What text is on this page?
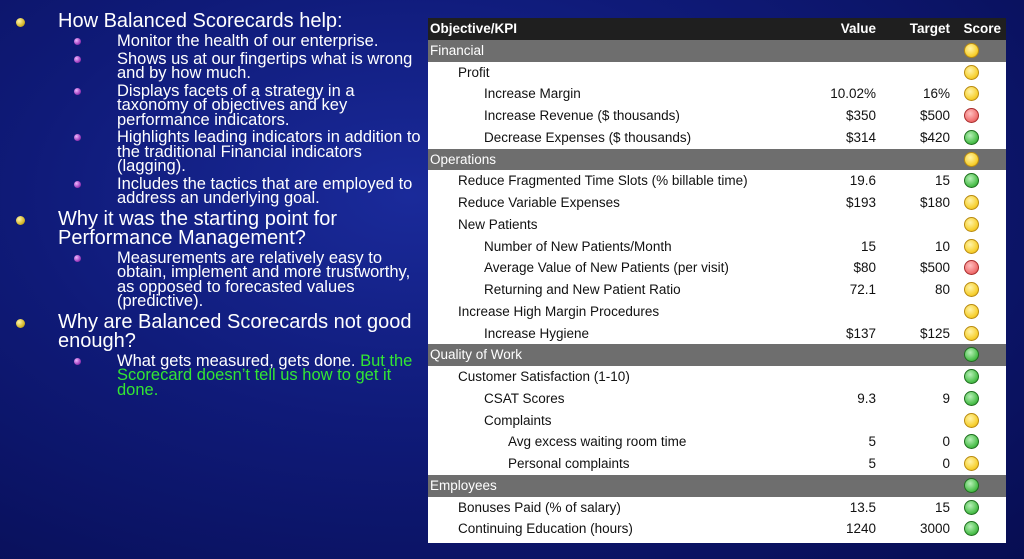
How Balanced Scorecards help:
Monitor the health of our enterprise.
Shows us at our fingertips what is wrong and by how much.
Displays facets of a strategy in a taxonomy of objectives and key performance indicators.
Highlights leading indicators in addition to the traditional Financial indicators (lagging).
Includes the tactics that are employed to address an underlying goal.
Why it was the starting point for Performance Management?
Measurements are relatively easy to obtain, implement and more trustworthy, as opposed to forecasted values (predictive).
Why are Balanced Scorecards not good enough?
What gets measured, gets done. But the Scorecard doesn’t tell us how to get it done.
Objective/KPI	Value	Target Score
Financial
Profit
Increase Margin	10.02%	16%
Increase Revenue ($ thousands)	$350	$500
Decrease Expenses ($ thousands)	$314	$420
Operations
Reduce Fragmented Time Slots (% billable time)	19.6	15
Reduce Variable Expenses	$193	$180
New Patients
Number of New Patients/Month	15	10
Average Value of New Patients (per visit)	$80	$500
Returning and New Patient Ratio	72.1	80
Increase High Margin Procedures
Increase Hygiene	$137	$125
Quality of Work
Customer Satisfaction (1-10)
CSAT Scores	9.3	9
Complaints
Avg excess waiting room time	5	0
Personal complaints	5	0
Employees
Bonuses Paid (% of salary)	13.5	15
Continuing Education (hours)	1240	3000
